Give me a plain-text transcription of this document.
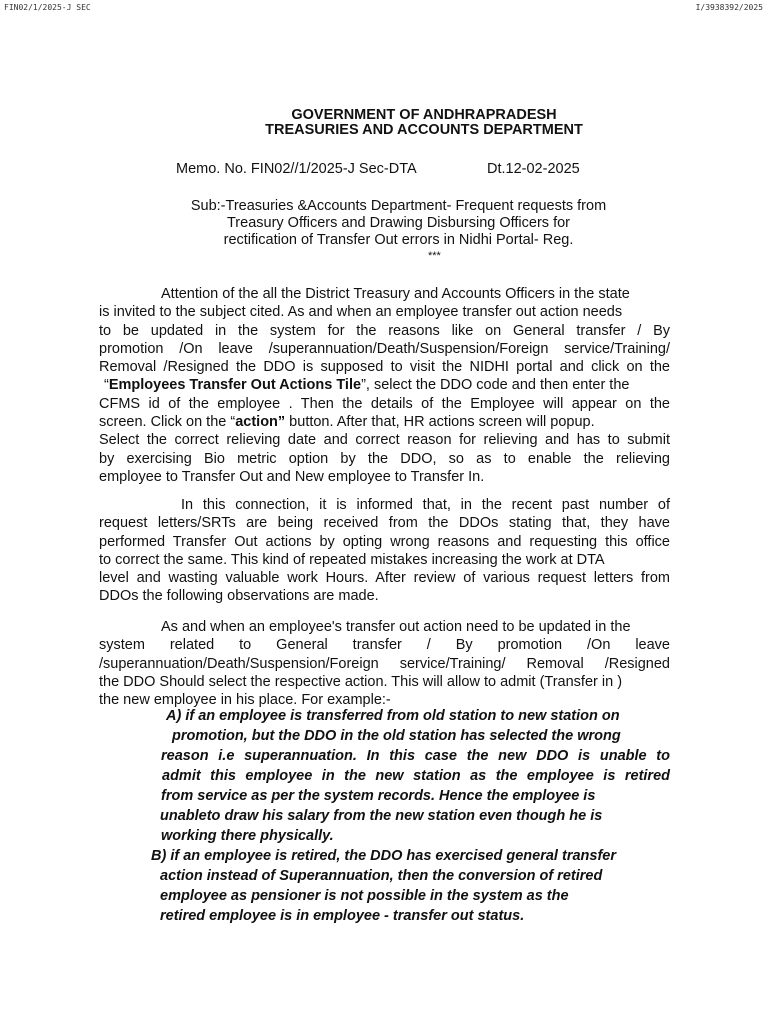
FIN02/1/2025-J SEC	I/3938392/2025
GOVERNMENT OF ANDHRAPRADESH
TREASURIES AND ACCOUNTS DEPARTMENT
Memo. No. FIN02//1/2025-J Sec-DTA	Dt.12-02-2025
Sub:-Treasuries &Accounts Department- Frequent requests from
Treasury Officers and Drawing Disbursing Officers for
rectification of Transfer Out errors in Nidhi Portal- Reg.
***
Attention of the all the District Treasury and Accounts Officers in the state
is invited to the subject cited. As and when an employee transfer out action needs
to be updated in the system for the reasons like on General transfer / By
promotion /On leave /superannuation/Death/Suspension/Foreign service/Training/
Removal /Resigned the DDO is supposed to visit the NIDHI portal and click on the
“Employees Transfer Out Actions Tile”, select the DDO code and then enter the
CFMS id of the employee . Then the details of the Employee will appear on the
screen. Click on the “action” button. After that, HR actions screen will popup.
Select the correct relieving date and correct reason for relieving and has to submit
by exercising Bio metric option by the DDO, so as to enable the relieving
employee to Transfer Out and New employee to Transfer In.
In this connection, it is informed that, in the recent past number of
request letters/SRTs are being received from the DDOs stating that, they have
performed Transfer Out actions by opting wrong reasons and requesting this office
to correct the same. This kind of repeated mistakes increasing the work at DTA
level and wasting valuable work Hours. After review of various request letters from
DDOs the following observations are made.
As and when an employee's transfer out action need to be updated in the
system related to General transfer / By promotion /On leave
/superannuation/Death/Suspension/Foreign service/Training/ Removal /Resigned
the DDO Should select the respective action. This will allow to admit (Transfer in )
the new employee in his place. For example:-
A) if an employee is transferred from old station to new station on
promotion, but the DDO in the old station has selected the wrong
reason i.e superannuation. In this case the new DDO is unable to
admit this employee in the new station as the employee is retired
from service as per the system records. Hence the employee is
unableto draw his salary from the new station even though he is
working there physically.
B) if an employee is retired, the DDO has exercised general transfer
action instead of Superannuation, then the conversion of retired
employee as pensioner is not possible in the system as the
retired employee is in employee - transfer out status.
